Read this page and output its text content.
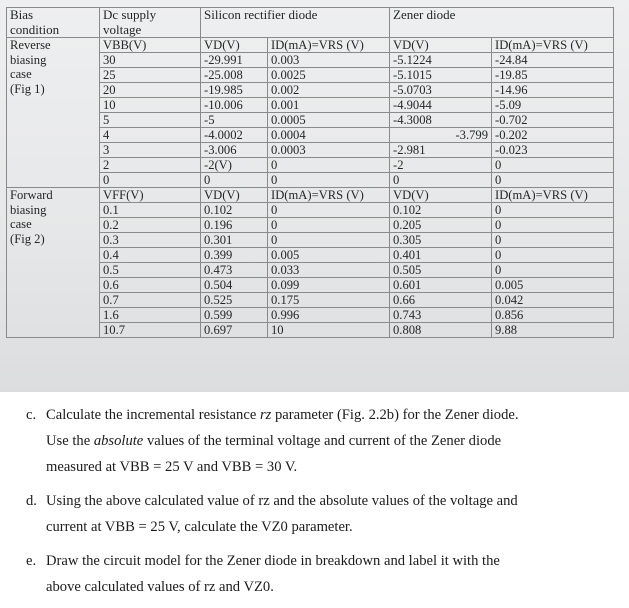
Bias
condition	Dc supply
voltage	Silicon rectifier diode		Zener diode	
Reverse
biasing
case
(Fig 1)	VBB(V)	VD(V)	ID(mA)=VRS (V)	VD(V)	ID(mA)=VRS (V)
	30	-29.991	0.003	-5.1224	-24.84
	25	-25.008	0.0025	-5.1015	-19.85
	20	-19.985	0.002	-5.0703	-14.96
	10	-10.006	0.001	-4.9044	-5.09
	5	-5	0.0005	-4.3008	-0.702
	4	-4.0002	0.0004	-3.799	-0.202
	3	-3.006	0.0003	-2.981	-0.023
	2	-2(V)	0	-2	0
	0	0	0	0	0
Forward
biasing
case
(Fig 2)	VFF(V)	VD(V)	ID(mA)=VRS (V)	VD(V)	ID(mA)=VRS (V)
	0.1	0.102	0	0.102	0
	0.2	0.196	0	0.205	0
	0.3	0.301	0	0.305	0
	0.4	0.399	0.005	0.401	0
	0.5	0.473	0.033	0.505	0
	0.6	0.504	0.099	0.601	0.005
	0.7	0.525	0.175	0.66	0.042
	1.6	0.599	0.996	0.743	0.856
	10.7	0.697	10	0.808	9.88
c. Calculate the incremental resistance rz parameter (Fig. 2.2b) for the Zener diode.
Use the absolute values of the terminal voltage and current of the Zener diode
measured at VBB = 25 V and VBB = 30 V.
d. Using the above calculated value of rz and the absolute values of the voltage and
current at VBB = 25 V, calculate the VZ0 parameter.
e. Draw the circuit model for the Zener diode in breakdown and label it with the
above calculated values of rz and VZ0.
